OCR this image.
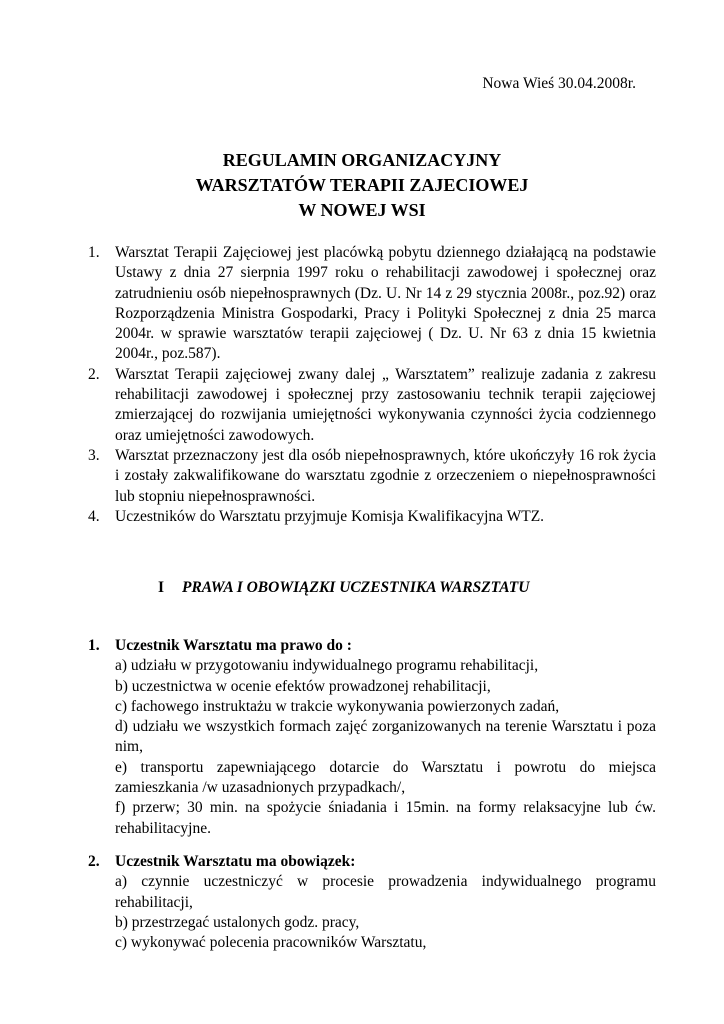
Nowa Wieś 30.04.2008r.
REGULAMIN ORGANIZACYJNY
WARSZTATÓW TERAPII ZAJECIOWEJ
W NOWEJ WSI
1. Warsztat Terapii Zajęciowej jest placówką pobytu dziennego działającą na podstawie Ustawy z dnia 27 sierpnia 1997 roku o rehabilitacji zawodowej i społecznej oraz zatrudnieniu osób niepełnosprawnych (Dz. U. Nr 14 z 29 stycznia 2008r., poz.92) oraz Rozporządzenia Ministra Gospodarki, Pracy i Polityki Społecznej z dnia 25 marca 2004r. w sprawie warsztatów terapii zajęciowej ( Dz. U. Nr 63 z dnia 15 kwietnia 2004r., poz.587).
2. Warsztat Terapii zajęciowej zwany dalej „ Warsztatem” realizuje zadania z zakresu rehabilitacji zawodowej i społecznej przy zastosowaniu technik terapii zajęciowej zmierzającej do rozwijania umiejętności wykonywania czynności życia codziennego oraz umiejętności zawodowych.
3. Warsztat przeznaczony jest dla osób niepełnosprawnych, które ukończyły 16 rok życia i zostały zakwalifikowane do warsztatu zgodnie z orzeczeniem o niepełnosprawności lub stopniu niepełnosprawności.
4. Uczestników do Warsztatu przyjmuje Komisja Kwalifikacyjna WTZ.
I PRAWA I OBOWIĄZKI UCZESTNIKA WARSZTATU
1. Uczestnik Warsztatu ma prawo do :
a) udziału w przygotowaniu indywidualnego programu rehabilitacji,
b) uczestnictwa w ocenie efektów prowadzonej rehabilitacji,
c) fachowego instruktażu w trakcie wykonywania powierzonych zadań,
d) udziału we wszystkich formach zajęć zorganizowanych na terenie Warsztatu i poza nim,
e) transportu zapewniającego dotarcie do Warsztatu i powrotu do miejsca zamieszkania /w uzasadnionych przypadkach/,
f) przerw; 30 min. na spożycie śniadania i 15min. na formy relaksacyjne lub ćw. rehabilitacyjne.
2. Uczestnik Warsztatu ma obowiązek:
a) czynnie uczestniczyć w procesie prowadzenia indywidualnego programu rehabilitacji,
b) przestrzegać ustalonych godz. pracy,
c) wykonywać polecenia pracowników Warsztatu,
